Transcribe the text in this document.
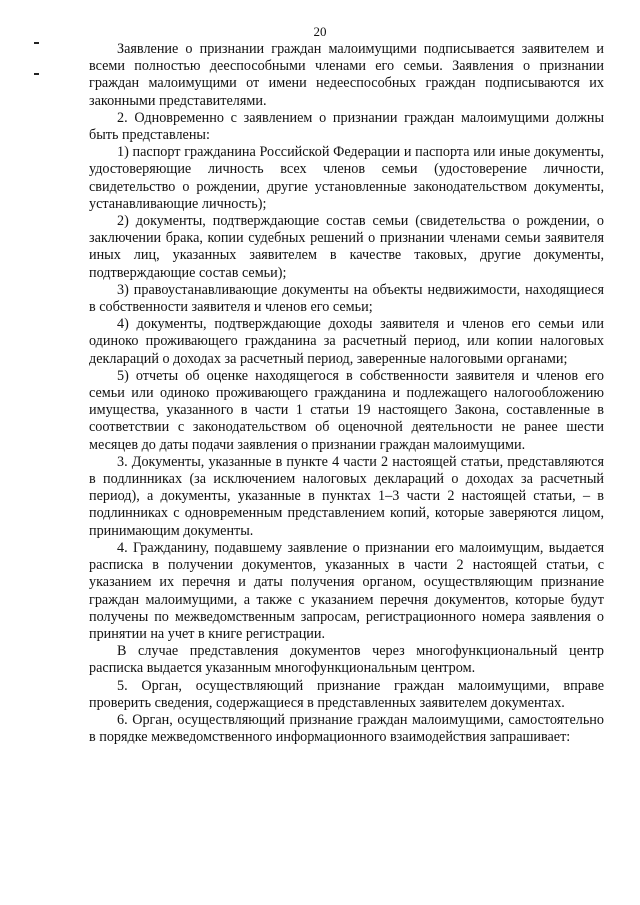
20

Заявление о признании граждан малоимущими подписывается заявителем и всеми полностью дееспособными членами его семьи. Заявления о признании граждан малоимущими от имени недееспособных граждан подписываются их законными представителями.

2. Одновременно с заявлением о признании граждан малоимущими должны быть представлены:

1) паспорт гражданина Российской Федерации и паспорта или иные документы, удостоверяющие личность всех членов семьи (удостоверение личности, свидетельство о рождении, другие установленные законодательством документы, устанавливающие личность);

2) документы, подтверждающие состав семьи (свидетельства о рождении, о заключении брака, копии судебных решений о признании членами семьи заявителя иных лиц, указанных заявителем в качестве таковых, другие документы, подтверждающие состав семьи);

3) правоустанавливающие документы на объекты недвижимости, находящиеся в собственности заявителя и членов его семьи;

4) документы, подтверждающие доходы заявителя и членов его семьи или одиноко проживающего гражданина за расчетный период, или копии налоговых деклараций о доходах за расчетный период, заверенные налоговыми органами;

5) отчеты об оценке находящегося в собственности заявителя и членов его семьи или одиноко проживающего гражданина и подлежащего налогообложению имущества, указанного в части 1 статьи 19 настоящего Закона, составленные в соответствии с законодательством об оценочной деятельности не ранее шести месяцев до даты подачи заявления о признании граждан малоимущими.

3. Документы, указанные в пункте 4 части 2 настоящей статьи, представляются в подлинниках (за исключением налоговых деклараций о доходах за расчетный период), а документы, указанные в пунктах 1–3 части 2 настоящей статьи, – в подлинниках с одновременным представлением копий, которые заверяются лицом, принимающим документы.

4. Гражданину, подавшему заявление о признании его малоимущим, выдается расписка в получении документов, указанных в части 2 настоящей статьи, с указанием их перечня и даты получения органом, осуществляющим признание граждан малоимущими, а также с указанием перечня документов, которые будут получены по межведомственным запросам, регистрационного номера заявления о принятии на учет в книге регистрации.

В случае представления документов через многофункциональный центр расписка выдается указанным многофункциональным центром.

5. Орган, осуществляющий признание граждан малоимущими, вправе проверить сведения, содержащиеся в представленных заявителем документах.

6. Орган, осуществляющий признание граждан малоимущими, самостоятельно в порядке межведомственного информационного взаимодействия запрашивает:
